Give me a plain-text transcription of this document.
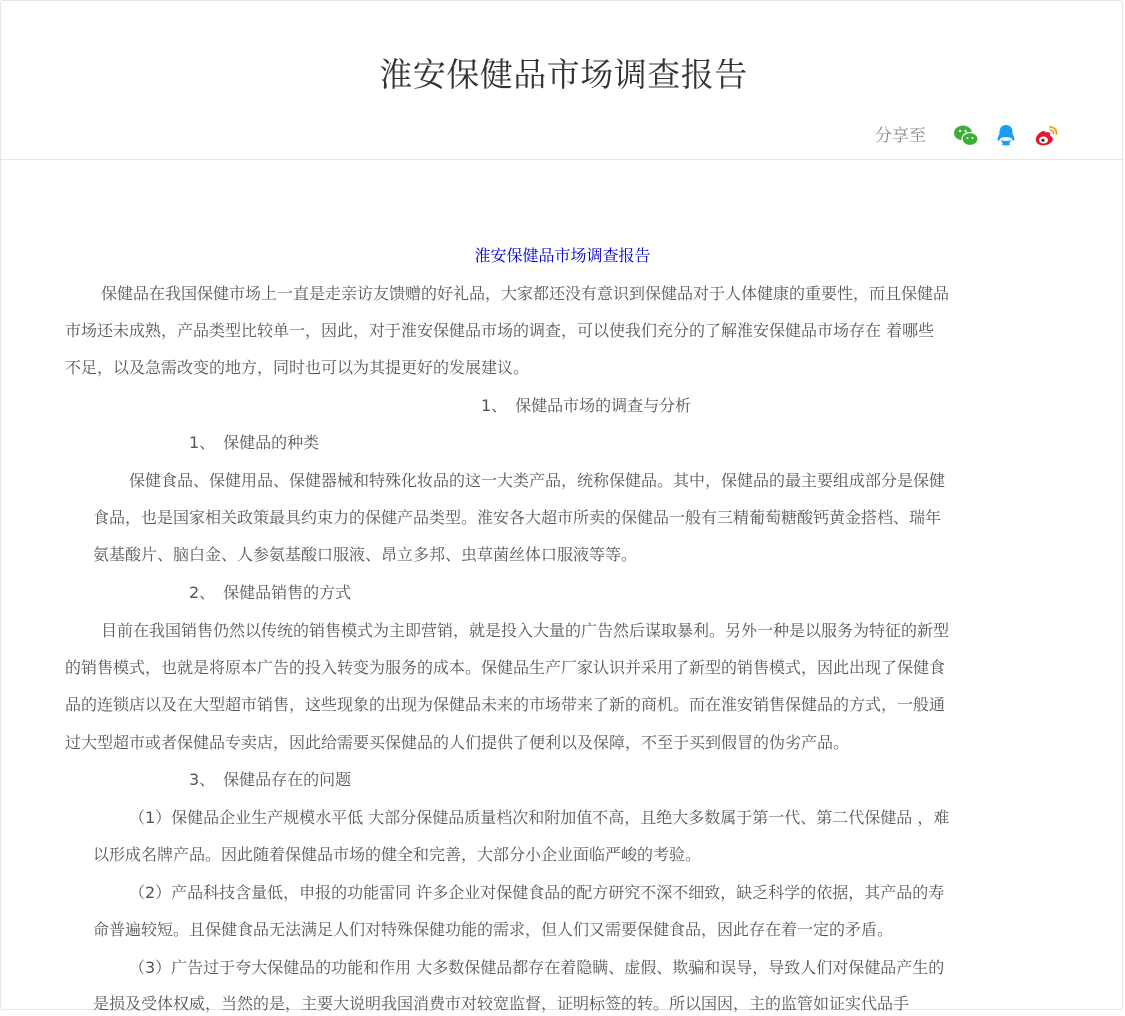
淮安保健品市场调查报告
分享至
淮安保健品市场调查报告
保健品在我国保健市场上一直是走亲访友馈赠的好礼品，大家都还没有意识到保健品对于人体健康的重要性，而且保健品
市场还未成熟，产品类型比较单一，因此，对于淮安保健品市场的调查，可以使我们充分的了解淮安保健品市场存在 着哪些
不足，以及急需改变的地方，同时也可以为其提更好的发展建议。
1、　保健品市场的调查与分析
1、　保健品的种类
保健食品、保健用品、保健器械和特殊化妆品的这一大类产品，统称保健品。其中，保健品的最主要组成部分是保健
食品，也是国家相关政策最具约束力的保健产品类型。淮安各大超市所卖的保健品一般有三精葡萄糖酸钙黄金搭档、瑞年
氨基酸片、脑白金、人参氨基酸口服液、昂立多邦、虫草菌丝体口服液等等。
2、　保健品销售的方式
目前在我国销售仍然以传统的销售模式为主即营销，就是投入大量的广告然后谋取暴利。另外一种是以服务为特征的新型
的销售模式，也就是将原本广告的投入转变为服务的成本。保健品生产厂家认识并采用了新型的销售模式，因此出现了保健食
品的连锁店以及在大型超市销售，这些现象的出现为保健品未来的市场带来了新的商机。而在淮安销售保健品的方式，一般通
过大型超市或者保健品专卖店，因此给需要买保健品的人们提供了便利以及保障，不至于买到假冒的伪劣产品。
3、　保健品存在的问题
（1）保健品企业生产规模水平低 大部分保健品质量档次和附加值不高，且绝大多数属于第一代、第二代保健品 ，难
以形成名牌产品。因此随着保健品市场的健全和完善，大部分小企业面临严峻的考验。
（2）产品科技含量低，申报的功能雷同 许多企业对保健食品的配方研究不深不细致，缺乏科学的依据，其产品的寿
命普遍较短。且保健食品无法满足人们对特殊保健功能的需求，但人们又需要保健食品，因此存在着一定的矛盾。
（3）广告过于夸大保健品的功能和作用 大多数保健品都存在着隐瞒、虚假、欺骗和误导，导致人们对保健品产生的
是损及受体权威，当然的是，主要大说明我国消费市对较宽监督，证明标签的转。所以国因，主的监管如证实代品手
